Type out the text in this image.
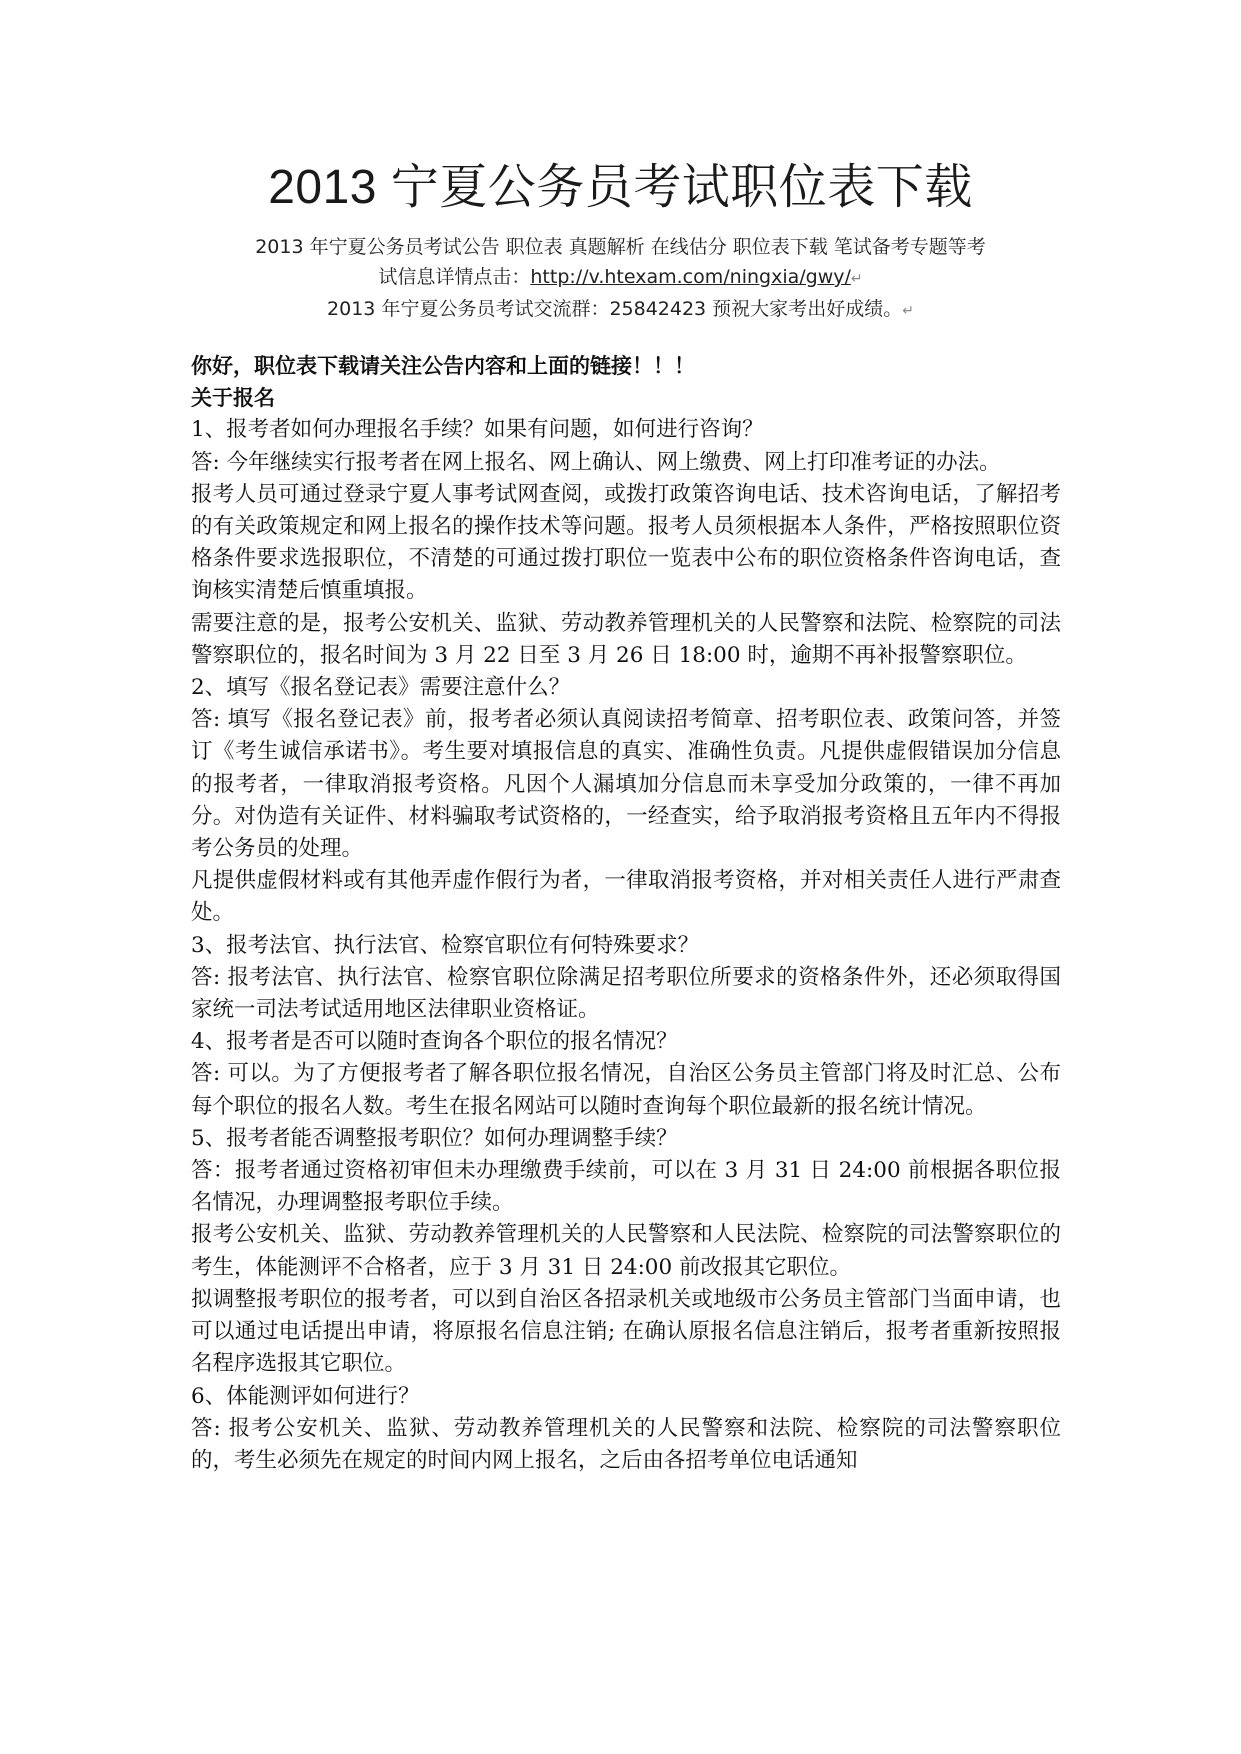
2013 宁夏公务员考试职位表下载
2013 年宁夏公务员考试公告 职位表 真题解析 在线估分 职位表下载 笔试备考专题等考
试信息详情点击：http://v.htexam.com/ningxia/gwy/↵
2013 年宁夏公务员考试交流群：25842423 预祝大家考出好成绩。↵

你好，职位表下载请关注公告内容和上面的链接！！！

关于报名

1、报考者如何办理报名手续？如果有问题，如何进行咨询？

答: 今年继续实行报考者在网上报名、网上确认、网上缴费、网上打印准考证的办法。

报考人员可通过登录宁夏人事考试网查阅，或拨打政策咨询电话、技术咨询电话，了解招考的有关政策规定和网上报名的操作技术等问题。报考人员须根据本人条件，严格按照职位资格条件要求选报职位，不清楚的可通过拨打职位一览表中公布的职位资格条件咨询电话，查询核实清楚后慎重填报。

需要注意的是，报考公安机关、监狱、劳动教养管理机关的人民警察和法院、检察院的司法警察职位的，报名时间为 3 月 22 日至 3 月 26 日 18:00 时，逾期不再补报警察职位。

2、填写《报名登记表》需要注意什么？

答: 填写《报名登记表》前，报考者必须认真阅读招考简章、招考职位表、政策问答，并签订《考生诚信承诺书》。考生要对填报信息的真实、准确性负责。凡提供虚假错误加分信息的报考者，一律取消报考资格。凡因个人漏填加分信息而未享受加分政策的，一律不再加分。对伪造有关证件、材料骗取考试资格的，一经查实，给予取消报考资格且五年内不得报考公务员的处理。

凡提供虚假材料或有其他弄虚作假行为者，一律取消报考资格，并对相关责任人进行严肃查处。

3、报考法官、执行法官、检察官职位有何特殊要求？

答: 报考法官、执行法官、检察官职位除满足招考职位所要求的资格条件外，还必须取得国家统一司法考试适用地区法律职业资格证。

4、报考者是否可以随时查询各个职位的报名情况？

答: 可以。为了方便报考者了解各职位报名情况，自治区公务员主管部门将及时汇总、公布每个职位的报名人数。考生在报名网站可以随时查询每个职位最新的报名统计情况。

5、报考者能否调整报考职位？如何办理调整手续？

答：报考者通过资格初审但未办理缴费手续前，可以在 3 月 31 日 24:00 前根据各职位报名情况，办理调整报考职位手续。

报考公安机关、监狱、劳动教养管理机关的人民警察和人民法院、检察院的司法警察职位的考生，体能测评不合格者，应于 3 月 31 日 24:00 前改报其它职位。

拟调整报考职位的报考者，可以到自治区各招录机关或地级市公务员主管部门当面申请，也可以通过电话提出申请，将原报名信息注销; 在确认原报名信息注销后，报考者重新按照报名程序选报其它职位。

6、体能测评如何进行？

答: 报考公安机关、监狱、劳动教养管理机关的人民警察和法院、检察院的司法警察职位的，考生必须先在规定的时间内网上报名，之后由各招考单位电话通知
